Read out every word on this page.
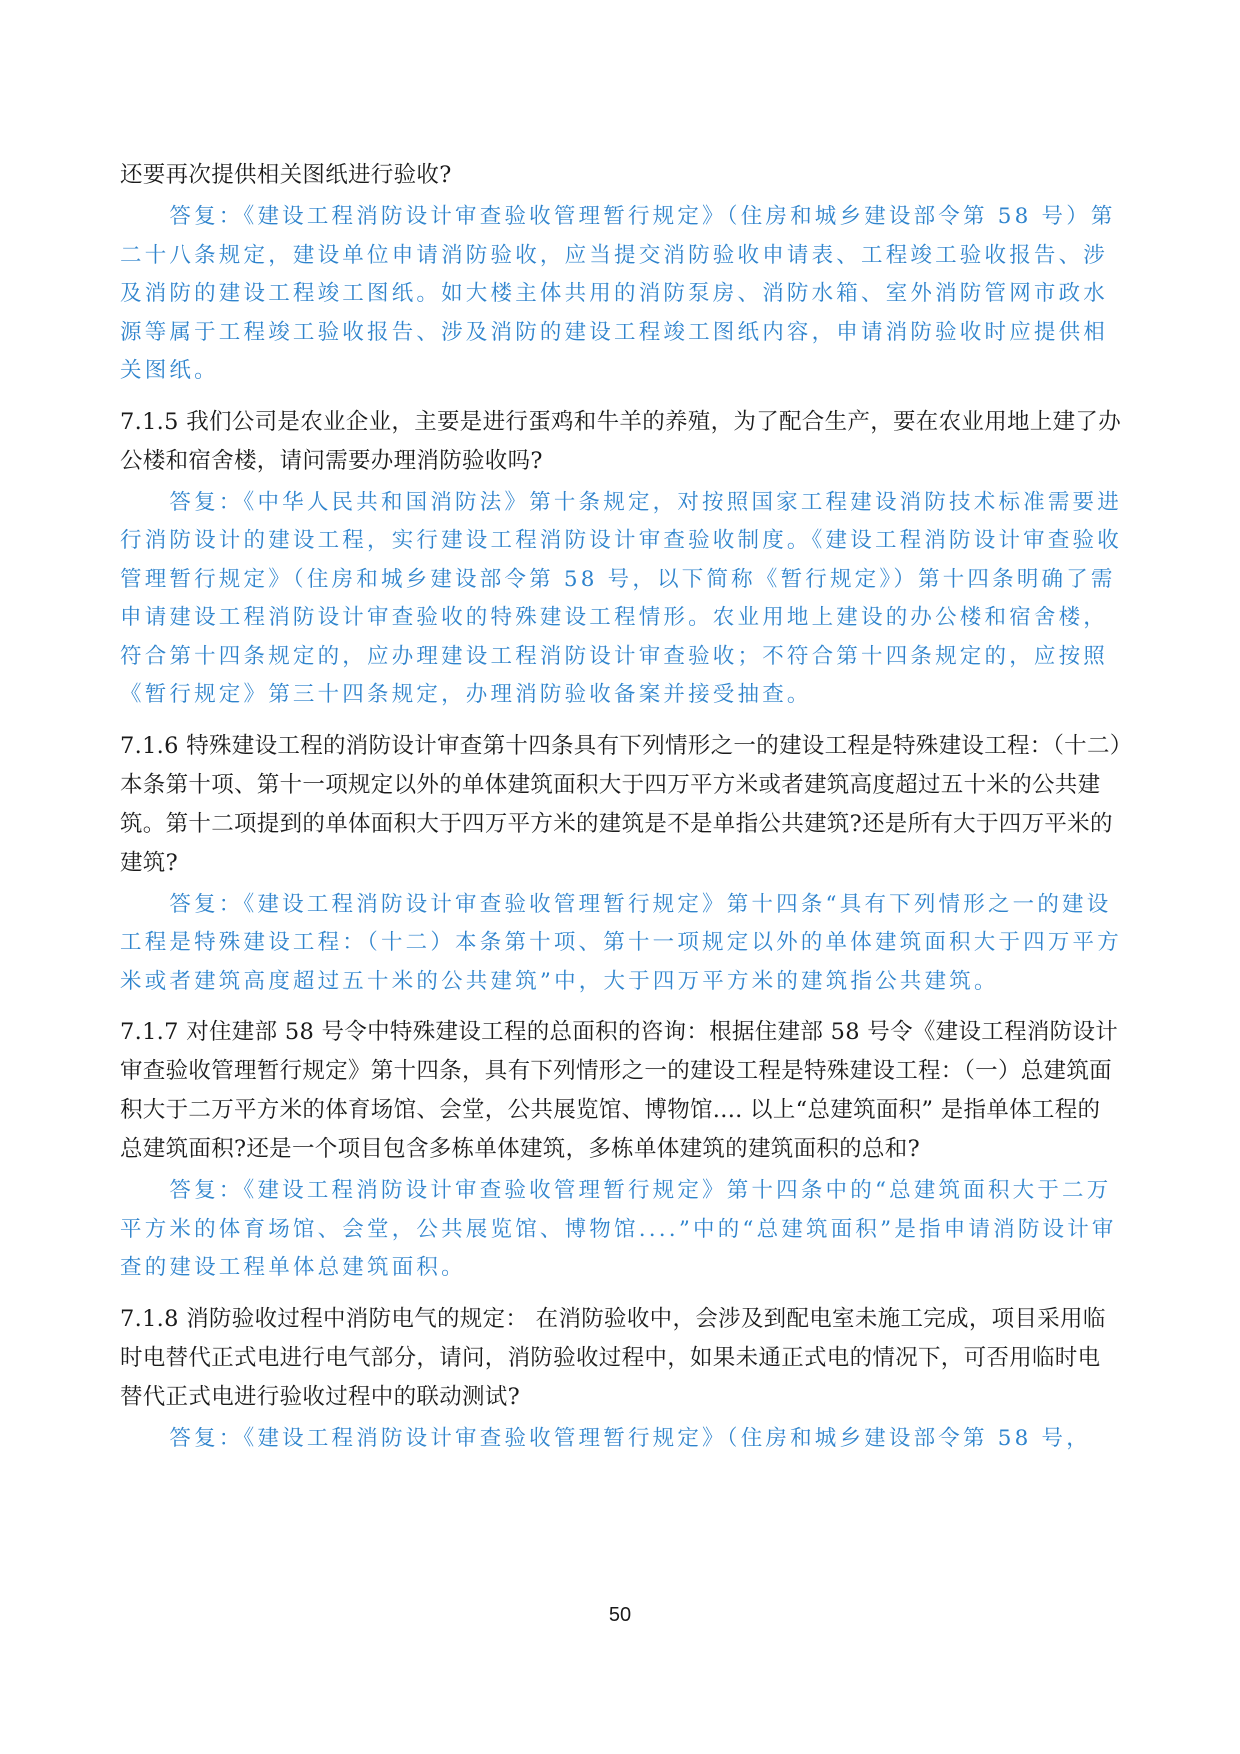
还要再次提供相关图纸进行验收?

　　答复：《建设工程消防设计审查验收管理暂行规定》（住房和城乡建设部令第 58 号）第二十八条规定，建设单位申请消防验收，应当提交消防验收申请表、工程竣工验收报告、涉及消防的建设工程竣工图纸。如大楼主体共用的消防泵房、消防水箱、室外消防管网市政水源等属于工程竣工验收报告、涉及消防的建设工程竣工图纸内容，申请消防验收时应提供相关图纸。

7.1.5 我们公司是农业企业，主要是进行蛋鸡和牛羊的养殖，为了配合生产，要在农业用地上建了办公楼和宿舍楼，请问需要办理消防验收吗?

　　答复：《中华人民共和国消防法》第十条规定，对按照国家工程建设消防技术标准需要进行消防设计的建设工程，实行建设工程消防设计审查验收制度。《建设工程消防设计审查验收管理暂行规定》（住房和城乡建设部令第 58 号，以下简称《暂行规定》）第十四条明确了需申请建设工程消防设计审查验收的特殊建设工程情形。农业用地上建设的办公楼和宿舍楼，符合第十四条规定的，应办理建设工程消防设计审查验收；不符合第十四条规定的，应按照《暂行规定》第三十四条规定，办理消防验收备案并接受抽查。

7.1.6 特殊建设工程的消防设计审查第十四条具有下列情形之一的建设工程是特殊建设工程：（十二）本条第十项、第十一项规定以外的单体建筑面积大于四万平方米或者建筑高度超过五十米的公共建筑。第十二项提到的单体面积大于四万平方米的建筑是不是单指公共建筑?还是所有大于四万平米的建筑?

　　答复：《建设工程消防设计审查验收管理暂行规定》第十四条“具有下列情形之一的建设工程是特殊建设工程：（十二）本条第十项、第十一项规定以外的单体建筑面积大于四万平方米或者建筑高度超过五十米的公共建筑”中，大于四万平方米的建筑指公共建筑。

7.1.7 对住建部 58 号令中特殊建设工程的总面积的咨询：根据住建部 58 号令《建设工程消防设计审查验收管理暂行规定》第十四条，具有下列情形之一的建设工程是特殊建设工程：（一）总建筑面积大于二万平方米的体育场馆、会堂，公共展览馆、博物馆.... 以上“总建筑面积” 是指单体工程的总建筑面积?还是一个项目包含多栋单体建筑，多栋单体建筑的建筑面积的总和?

　　答复：《建设工程消防设计审查验收管理暂行规定》第十四条中的“总建筑面积大于二万平方米的体育场馆、会堂，公共展览馆、博物馆....”中的“总建筑面积”是指申请消防设计审查的建设工程单体总建筑面积。

7.1.8 消防验收过程中消防电气的规定： 在消防验收中，会涉及到配电室未施工完成，项目采用临时电替代正式电进行电气部分，请问，消防验收过程中，如果未通正式电的情况下，可否用临时电替代正式电进行验收过程中的联动测试?

　　答复：《建设工程消防设计审查验收管理暂行规定》（住房和城乡建设部令第 58 号，

50
